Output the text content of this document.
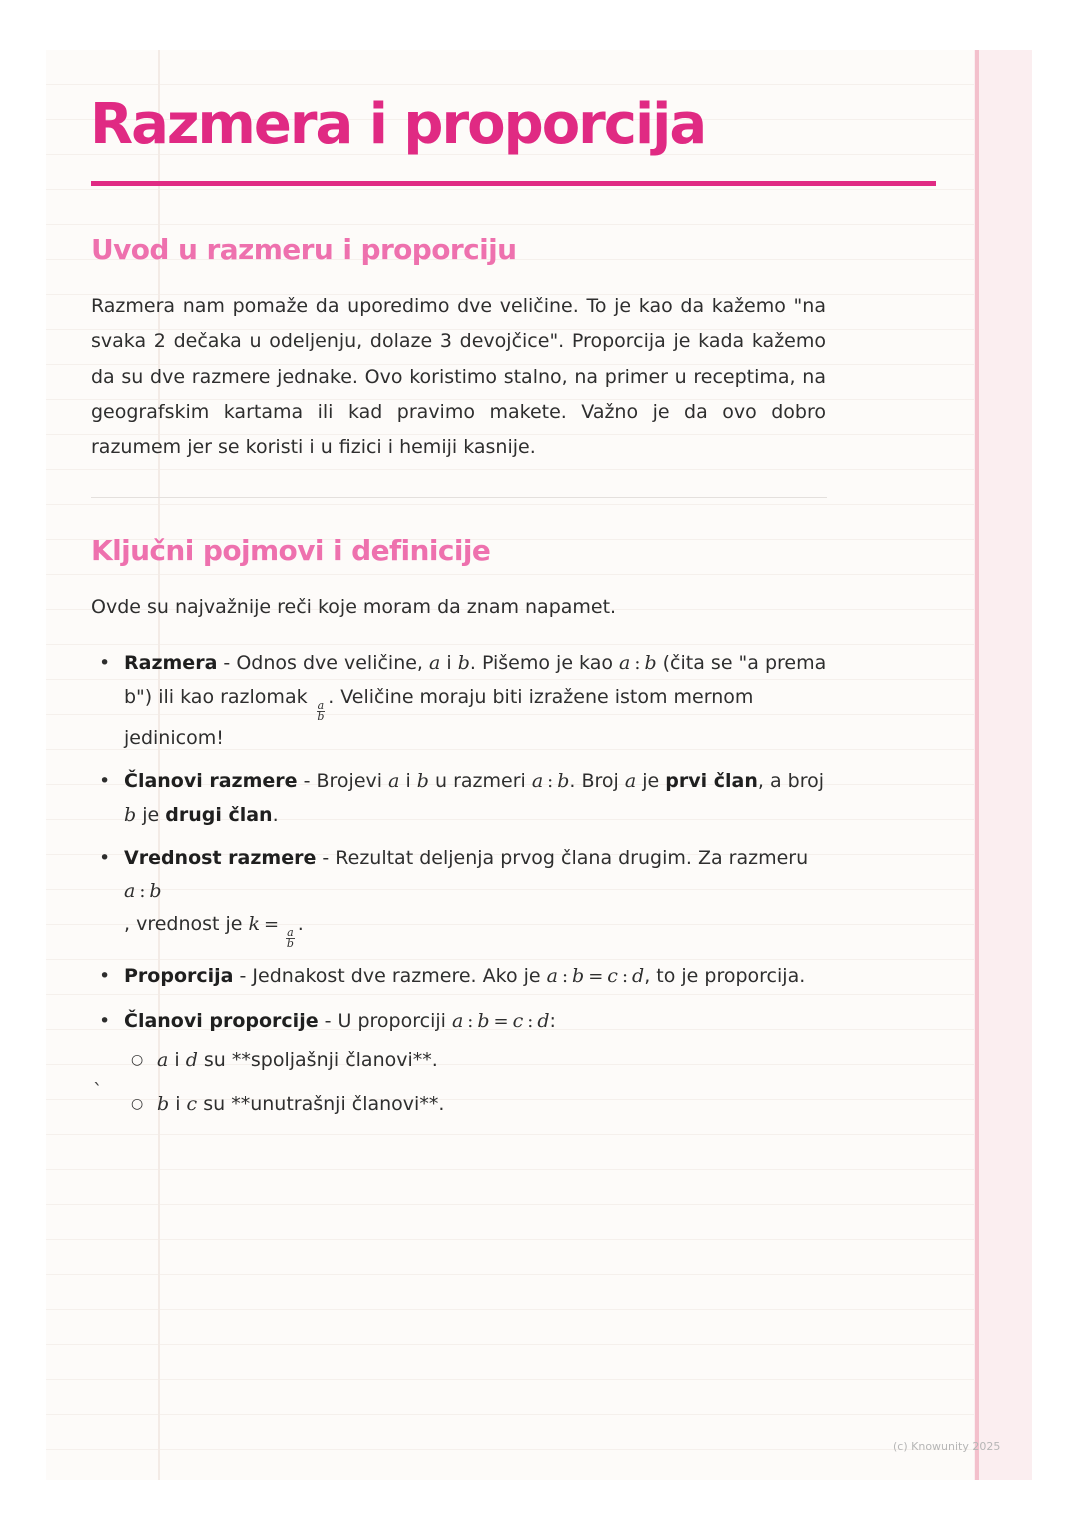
Razmera i proporcija
Uvod u razmeru i proporciju

Razmera nam pomaže da uporedimo dve veličine. To je kao da kažemo "na svaka 2 dečaka u odeljenju, dolaze 3 devojčice". Proporcija je kada kažemo da su dve razmere jednake. Ovo koristimo stalno, na primer u receptima, na geografskim kartama ili kad pravimo makete. Važno je da ovo dobro razumem jer se koristi i u fizici i hemiji kasnije.

Ključni pojmovi i definicije

Ovde su najvažnije reči koje moram da znam napamet.

• Razmera - Odnos dve veličine, a i b. Pišemo je kao a : b (čita se "a prema b") ili kao razlomak
$\frac{a}{b}$
. Veličine moraju biti izražene istom mernom jedinicom!
• Članovi razmere - Brojevi a i b u razmeri a : b. Broj a je prvi član, a broj b je drugi član.
• Vrednost razmere - Rezultat deljenja prvog člana drugim. Za razmeru a : b
, vrednost je k =
$\frac{a}{b}$
.
• Proporcija - Jednakost dve razmere. Ako je a : b = c : d, to je proporcija.
• Članovi proporcije - U proporciji a : b = c : d:
○ a i d su **spoljašnji članovi**.
○ b i c su **unutrašnji članovi**.

`

(c) Knowunity 2025
